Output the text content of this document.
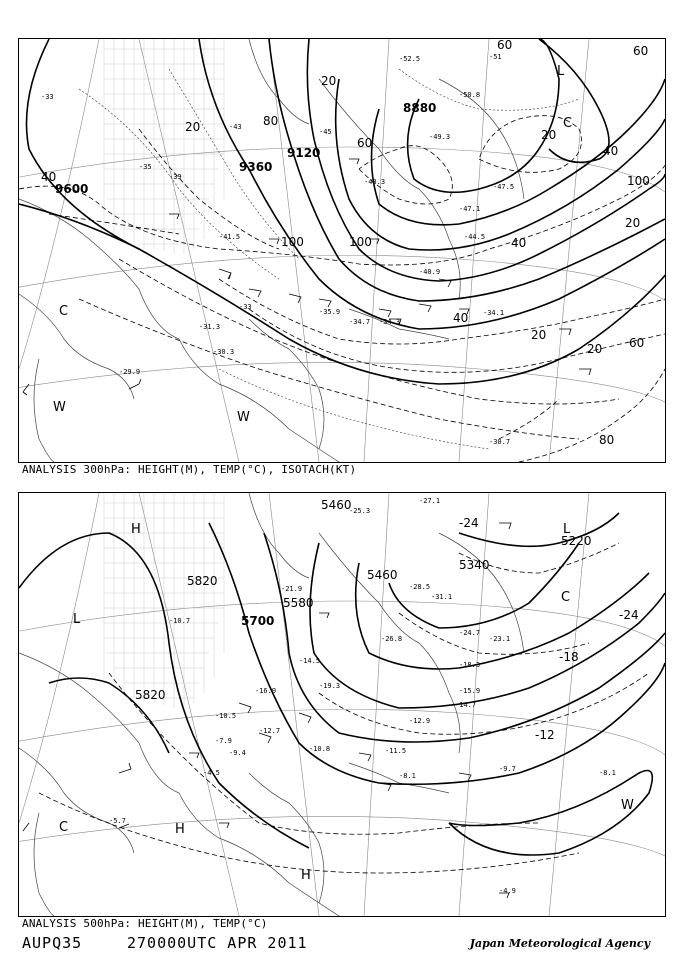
9600
9360
9120
8880
40
20	80
20
100	100
60
60	60
20
40
100
20
40
20
20 60
80
40
-33
-35
-39
-41.5
-43
-45
-47.1
-44.5
-40.9
-34.3
-33
-30.3
-31.3
-29.9
-30.7
-51
-52.5
-49.3
-50.8
-48.3
-47.5
-35.9
-34.7
-34.1
L
C
C
W
W
ANALYSIS 300hPa: HEIGHT(M), TEMP(°C), ISOTACH(KT)
5820
5820
5700
5580
5460
5340
5460
5220
-24
-18
-12
-24
-10.5
-11.5
-8.1
-9.7	-8.1
-4.9
-12.9
-15.9
-18.3
-14.7
-23.1
-24.7
-27.1
-28.5
-31.1
-26.8
-25.3
-21.9
-19.3
-16.9
-14.5
-12.7
-10.7
-7.9
-5.7
-4.5
-9.4	-10.8
H
L
H
C
H
L
C
W
ANALYSIS 500hPa: HEIGHT(M), TEMP(°C)
AUPQ35	270000UTC APR 2011	Japan Meteorological Agency
